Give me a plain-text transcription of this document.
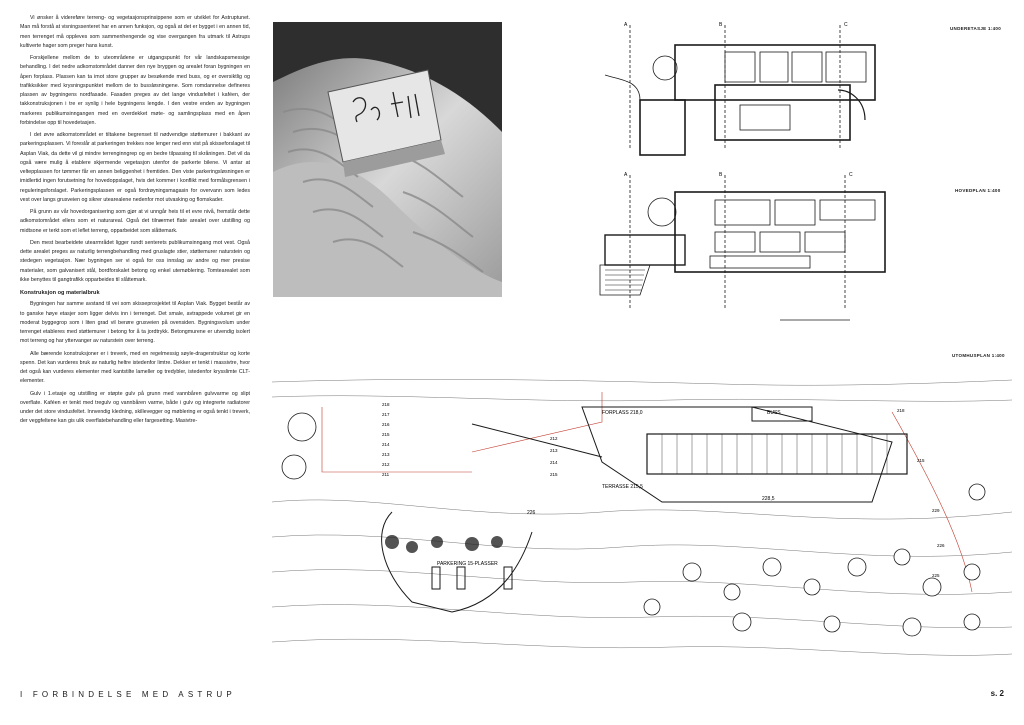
Vi ønsker å videreføre terreng- og vegetasjonsprinsippene som er utviklet for Astruptunet. Man må forstå at visningssenteret har en annen funksjon, og også at det er bygget i en annen tid, men terrenget må oppleves som sammenhengende og vise overgangen fra utmark til Astrups kultiverte hager som preger hans kunst.

Forskjellene mellom de to uteområdene er utgangspunkt for vår landskapsmessige behandling. I det nedre adkomstområdet danner den nye bryggen og arealet foran bygningen en åpen forplass. Plassen kan ta imot store grupper av besøkende med buss, og er oversiktlig og trafikksikker med krysningspunktet mellom de to bussløsningene. Som romdannelse defineres plassen av bygningens nordfasade. Fasaden preges av det lange vindusfeltet i kaféen, der takkonstruksjonen i tre er synlig i hele bygningens lengde. I den vestre enden av bygningen markeres publikumsinngangen med en overdekket møte- og samlingsplass med en åpen forbindelse opp til hovedetasjen.

I det øvre adkomstområdet er tiltakene begrenset til nødvendige støttemurer i bakkant av parkeringsplassen. Vi foreslår at parkeringen trekkes noe lenger ned enn vist på skisseforslaget til Asplan Viak, da dette vil gi mindre terrenginngrep og en bedre tilpassing til skråningen. Det vil da også være mulig å etablere skjermende vegetasjon utenfor de parkerte bilene. Vi antar at veltepplassen for tømmer får en annen beliggenhet i fremtiden. Den viste parkeringsløsningen er imidlertid ingen forutsetning for hovedoppslaget, hvis det kommer i konflikt med formålsgrensen i reguleringsforslaget. Parkeringsplassen er også fordrøyningsmagasin for overvann som ledes vest over langs grusveien og sikrer utearealene nedenfor mot utvasking og flomskader.

På grunn av vår hovedorganisering som gjør at vi unngår heis til et evre nivå, fremstår dette adkomstområdet ellers som et naturareal. Også det tilnærmet flate arealet over utstilling og midtsone er terkt som et leflet terreng, opparbeidet som slåttemark.

Den mest bearbeidete utearmrådet ligger rundt senterets publikumsinngang mot vest. Også dette arealet preges av naturlig terrengbehandling med gruslagte stier, støttemurer naturstein og stedegen vegetasjon. Nær bygningen ser vi også for oss innslag av andre og mer presise materialer, som galvanisert stål, bordforskalet betong og enkel utemøblering. Tomtearealet som ikke benyttes til gangtrafikk opparbeides til slåttemark.

Konstruksjon og materialbruk

Bygningen har samme avstand til vei som skisseprosjektet til Asplan Viak. Bygget består av to ganske høye etasjer som ligger delvis inn i terrenget. Det smale, avtrappede volumet gir en moderat byggegrop som i liten grad vil berøre grusveien på ovensiden. Bygningsvolum under terrenget etableres med støttemurer i betong for å ta jordtrykk. Betongmurene er utvendig isolert mot terreng og har yttervanger av naturstein over terreng.

Alle bærende konstruksjoner er i treverk, med en regelmessig søyle-dragerstruktur og korte spenn. Det kan vurderes bruk av naturlig heltre istedenfor limtre. Dekker er tenkt i massivtre, hvor det også kan vurderes elementer med kantstilte lameller og tredybler, istedenfor krysslimte CLT-elementer.

Gulv i 1.etasje og utstilling er støpte gulv på grunn med vannbåren gulvvarme og slipt overflate. Kaféen er tenkt med tregulv og vannbåren varme, både i gulv og integrerte radiatorer under det store vindusfeltet. Innvendig kledning, skillevegger og møblering er også tenkt i treverk, der veggfeltene kan gis ulik overflatebehandling eller fargesetting. Masivtre-

UNDERETASJE 1:400
A	B	C
HOVEDPLAN 1:400
A	B	C
UTOMHUSPLAN 1:400
FORPLASS 218,0	BUSS
TERRASSE 215,5
PARKERING 15-PLASSER
228,5
226
218
217
216
215
214
213
212
211
212
213
214
215
218
215
229
226
225
I FORBINDELSE MED ASTRUP	s. 2
